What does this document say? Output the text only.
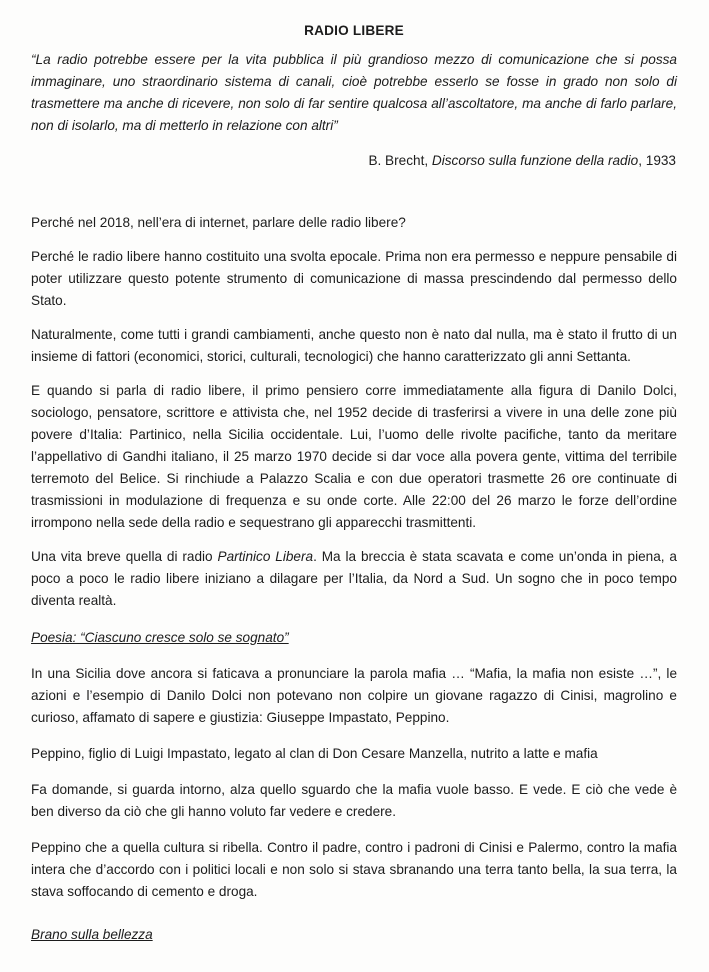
RADIO LIBERE

“La radio potrebbe essere per la vita pubblica il più grandioso mezzo di comunicazione che si possa immaginare, uno straordinario sistema di canali, cioè potrebbe esserlo se fosse in grado non solo di trasmettere ma anche di ricevere, non solo di far sentire qualcosa all’ascoltatore, ma anche di farlo parlare, non di isolarlo, ma di metterlo in relazione con altri”

B. Brecht, Discorso sulla funzione della radio, 1933

Perché nel 2018, nell’era di internet, parlare delle radio libere?

Perché le radio libere hanno costituito una svolta epocale. Prima non era permesso e neppure pensabile di poter utilizzare questo potente strumento di comunicazione di massa prescindendo dal permesso dello Stato.

Naturalmente, come tutti i grandi cambiamenti, anche questo non è nato dal nulla, ma è stato il frutto di un insieme di fattori (economici, storici, culturali, tecnologici) che hanno caratterizzato gli anni Settanta.

E quando si parla di radio libere, il primo pensiero corre immediatamente alla figura di Danilo Dolci, sociologo, pensatore, scrittore e attivista che, nel 1952 decide di trasferirsi a vivere in una delle zone più povere d’Italia: Partinico, nella Sicilia occidentale. Lui, l’uomo delle rivolte pacifiche, tanto da meritare l’appellativo di Gandhi italiano, il 25 marzo 1970 decide si dar voce alla povera gente, vittima del terribile terremoto del Belice. Si rinchiude a Palazzo Scalia e con due operatori trasmette 26 ore continuate di trasmissioni in modulazione di frequenza e su onde corte. Alle 22:00 del 26 marzo le forze dell’ordine irrompono nella sede della radio e sequestrano gli apparecchi trasmittenti.

Una vita breve quella di radio Partinico Libera. Ma la breccia è stata scavata e come un’onda in piena, a poco a poco le radio libere iniziano a dilagare per l’Italia, da Nord a Sud. Un sogno che in poco tempo diventa realtà.

Poesia: “Ciascuno cresce solo se sognato”

In una Sicilia dove ancora si faticava a pronunciare la parola mafia … “Mafia, la mafia non esiste …”, le azioni e l’esempio di Danilo Dolci non potevano non colpire un giovane ragazzo di Cinisi, magrolino e curioso, affamato di sapere e giustizia: Giuseppe Impastato, Peppino.

Peppino, figlio di Luigi Impastato, legato al clan di Don Cesare Manzella, nutrito a latte e mafia

Fa domande, si guarda intorno, alza quello sguardo che la mafia vuole basso. E vede. E ciò che vede è ben diverso da ciò che gli hanno voluto far vedere e credere.

Peppino che a quella cultura si ribella. Contro il padre, contro i padroni di Cinisi e Palermo, contro la mafia intera che d’accordo con i politici locali e non solo si stava sbranando una terra tanto bella, la sua terra, la stava soffocando di cemento e droga.

Brano sulla bellezza
